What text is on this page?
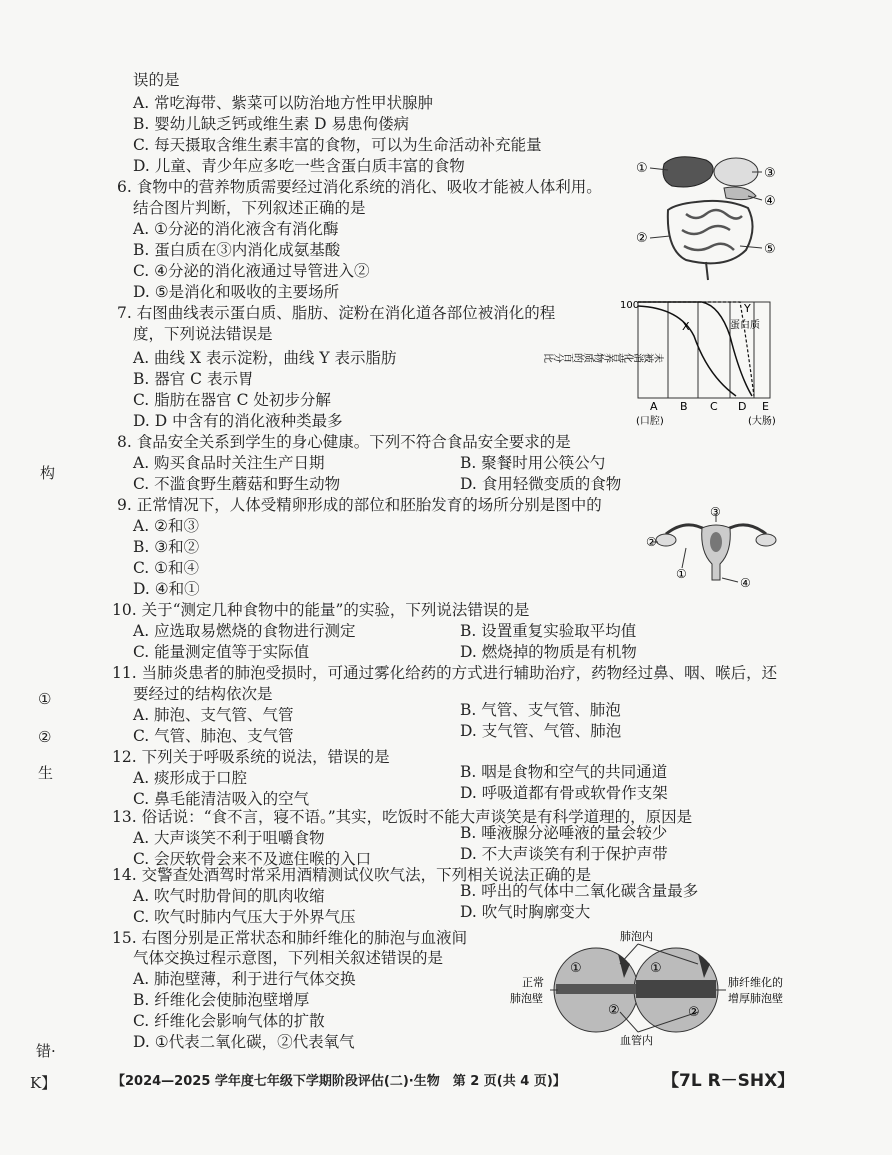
误的是
A. 常吃海带、紫菜可以防治地方性甲状腺肿
B. 婴幼儿缺乏钙或维生素 D 易患佝偻病
C. 每天摄取含维生素丰富的食物，可以为生命活动补充能量
D. 儿童、青少年应多吃一些含蛋白质丰富的食物
6. 食物中的营养物质需要经过消化系统的消化、吸收才能被人体利用。
结合图片判断，下列叙述正确的是
A. ①分泌的消化液含有消化酶
B. 蛋白质在③内消化成氨基酸
C. ④分泌的消化液通过导管进入②
D. ⑤是消化和吸收的主要场所
7. 右图曲线表示蛋白质、脂肪、淀粉在消化道各部位被消化的程
度，下列说法错误是
A. 曲线 X 表示淀粉，曲线 Y 表示脂肪
B. 器官 C 表示胃
C. 脂肪在器官 C 处初步分解
D. D 中含有的消化液种类最多
8. 食品安全关系到学生的身心健康。下列不符合食品安全要求的是
A. 购买食品时关注生产日期	B. 聚餐时用公筷公勺
C. 不滥食野生蘑菇和野生动物	D. 食用轻微变质的食物
9. 正常情况下，人体受精卵形成的部位和胚胎发育的场所分别是图中的
A. ②和③
B. ③和②
C. ①和④
D. ④和①
10. 关于“测定几种食物中的能量”的实验，下列说法错误的是
A. 应选取易燃烧的食物进行测定	B. 设置重复实验取平均值
C. 能量测定值等于实际值	D. 燃烧掉的物质是有机物
11. 当肺炎患者的肺泡受损时，可通过雾化给药的方式进行辅助治疗，药物经过鼻、咽、喉后，还
要经过的结构依次是
A. 肺泡、支气管、气管	B. 气管、支气管、肺泡
C. 气管、肺泡、支气管	D. 支气管、气管、肺泡
12. 下列关于呼吸系统的说法，错误的是
A. 痰形成于口腔	B. 咽是食物和空气的共同通道
C. 鼻毛能清洁吸入的空气	D. 呼吸道都有骨或软骨作支架
13. 俗话说：“食不言，寝不语。”其实，吃饭时不能大声谈笑是有科学道理的，原因是
A. 大声谈笑不利于咀嚼食物	B. 唾液腺分泌唾液的量会较少
C. 会厌软骨会来不及遮住喉的入口	D. 不大声谈笑有利于保护声带
14. 交警查处酒驾时常采用酒精测试仪吹气法，下列相关说法正确的是
A. 吹气时肋骨间的肌肉收缩	B. 呼出的气体中二氧化碳含量最多
C. 吹气时肺内气压大于外界气压	D. 吹气时胸廓变大
15. 右图分别是正常状态和肺纤维化的肺泡与血液间
气体交换过程示意图，下列相关叙述错误的是
A. 肺泡壁薄，利于进行气体交换
B. 纤维化会使肺泡壁增厚
C. 纤维化会影响气体的扩散
D. ①代表二氧化碳，②代表氧气
构
①
②
生
错·
K】
①	③
④
②
⑤
未被消化营养物质的百分比
100
X
Y
蛋白质
A B C D E
(口腔)	(大肠)
③
②
①
④
肺泡内
正常
肺泡壁
肺纤维化的
增厚肺泡壁
血管内
①
②
①
②
【2024—2025 学年度七年级下学期阶段评估(二)·生物　第 2 页(共 4 页)】	【7L R－SHX】
